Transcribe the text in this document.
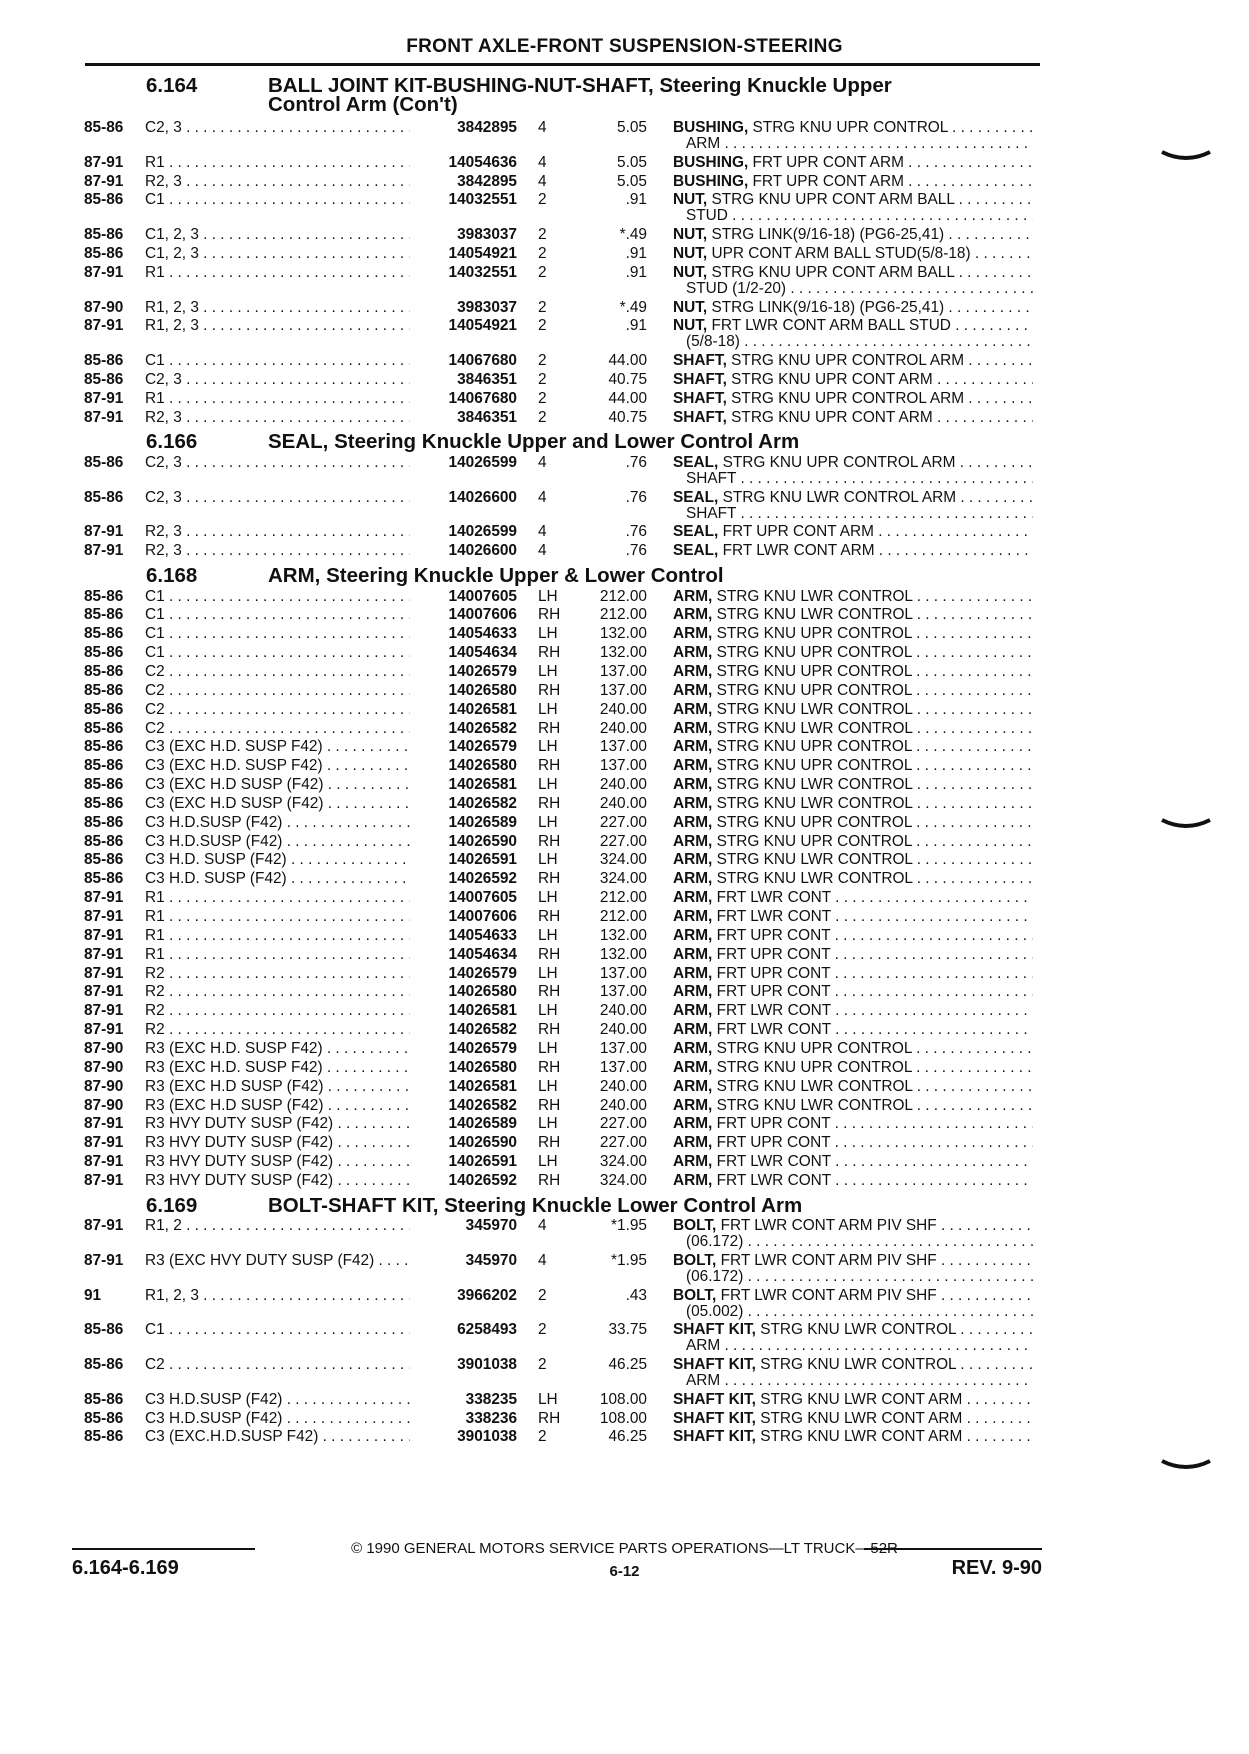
FRONT AXLE-FRONT SUSPENSION-STEERING
6.164	BALL JOINT KIT-BUSHING-NUT-SHAFT, Steering Knuckle Upper
Control Arm (Con't)
85-86	C2, 3 . . .	3842895 4	5.05 BUSHING, STRG KNU UPR CONTROL . . .
ARM . . .
87-91	R1 . . .	14054636 4	5.05 BUSHING, FRT UPR CONT ARM . . .
87-91	R2, 3 . . .	3842895 4	5.05 BUSHING, FRT UPR CONT ARM . . .
85-86	C1 . . .	14032551 2	.91 NUT, STRG KNU UPR CONT ARM BALL . . .
STUD . . .
85-86	C1, 2, 3 . . .	3983037 2	*.49 NUT, STRG LINK(9/16-18) (PG6-25,41) . . .
85-86	C1, 2, 3 . . .	14054921 2	.91 NUT, UPR CONT ARM BALL STUD(5/8-18) . . .
87-91	R1 . . .	14032551 2	.91 NUT, STRG KNU UPR CONT ARM BALL . . .
STUD (1/2-20) . . .
87-90	R1, 2, 3 . . .	3983037 2	*.49 NUT, STRG LINK(9/16-18) (PG6-25,41) . . .
87-91	R1, 2, 3 . . .	14054921 2	.91 NUT, FRT LWR CONT ARM BALL STUD . . .
(5/8-18) . . .
85-86	C1 . . .	14067680 2	44.00 SHAFT, STRG KNU UPR CONTROL ARM . . .
85-86	C2, 3 . . .	3846351 2	40.75 SHAFT, STRG KNU UPR CONT ARM . . .
87-91	R1 . . .	14067680 2	44.00 SHAFT, STRG KNU UPR CONTROL ARM . . .
87-91	R2, 3 . . .	3846351 2	40.75 SHAFT, STRG KNU UPR CONT ARM . . .
6.166	SEAL, Steering Knuckle Upper and Lower Control Arm
85-86	C2, 3 . . .	14026599 4	.76 SEAL, STRG KNU UPR CONTROL ARM . . .
SHAFT . . .
85-86	C2, 3 . . .	14026600 4	.76 SEAL, STRG KNU LWR CONTROL ARM . . .
SHAFT . . .
87-91	R2, 3 . . .	14026599 4	.76 SEAL, FRT UPR CONT ARM . . .
87-91	R2, 3 . . .	14026600 4	.76 SEAL, FRT LWR CONT ARM . . .
6.168	ARM, Steering Knuckle Upper & Lower Control
85-86	C1 . . .	14007605 LH	212.00 ARM, STRG KNU LWR CONTROL . . .
85-86	C1 . . .	14007606 RH	212.00 ARM, STRG KNU LWR CONTROL . . .
85-86	C1 . . .	14054633 LH	132.00 ARM, STRG KNU UPR CONTROL . . .
85-86	C1 . . .	14054634 RH	132.00 ARM, STRG KNU UPR CONTROL . . .
85-86	C2 . . .	14026579 LH	137.00 ARM, STRG KNU UPR CONTROL . . .
85-86	C2 . . .	14026580 RH	137.00 ARM, STRG KNU UPR CONTROL . . .
85-86	C2 . . .	14026581 LH	240.00 ARM, STRG KNU LWR CONTROL . . .
85-86	C2 . . .	14026582 RH	240.00 ARM, STRG KNU LWR CONTROL . . .
85-86	C3 (EXC H.D. SUSP F42) . . .	14026579 LH	137.00 ARM, STRG KNU UPR CONTROL . . .
85-86	C3 (EXC H.D. SUSP F42) . . .	14026580 RH	137.00 ARM, STRG KNU UPR CONTROL . . .
85-86	C3 (EXC H.D SUSP (F42) . . .	14026581 LH	240.00 ARM, STRG KNU LWR CONTROL . . .
85-86	C3 (EXC H.D SUSP (F42) . . .	14026582 RH	240.00 ARM, STRG KNU LWR CONTROL . . .
85-86	C3 H.D.SUSP (F42) . . .	14026589 LH	227.00 ARM, STRG KNU UPR CONTROL . . .
85-86	C3 H.D.SUSP (F42) . . .	14026590 RH	227.00 ARM, STRG KNU UPR CONTROL . . .
85-86	C3 H.D. SUSP (F42) . . .	14026591 LH	324.00 ARM, STRG KNU LWR CONTROL . . .
85-86	C3 H.D. SUSP (F42) . . .	14026592 RH	324.00 ARM, STRG KNU LWR CONTROL . . .
87-91	R1 . . .	14007605 LH	212.00 ARM, FRT LWR CONT . . .
87-91	R1 . . .	14007606 RH	212.00 ARM, FRT LWR CONT . . .
87-91	R1 . . .	14054633 LH	132.00 ARM, FRT UPR CONT . . .
87-91	R1 . . .	14054634 RH	132.00 ARM, FRT UPR CONT . . .
87-91	R2 . . .	14026579 LH	137.00 ARM, FRT UPR CONT . . .
87-91	R2 . . .	14026580 RH	137.00 ARM, FRT UPR CONT . . .
87-91	R2 . . .	14026581 LH	240.00 ARM, FRT LWR CONT . . .
87-91	R2 . . .	14026582 RH	240.00 ARM, FRT LWR CONT . . .
87-90	R3 (EXC H.D. SUSP F42) . . .	14026579 LH	137.00 ARM, STRG KNU UPR CONTROL . . .
87-90	R3 (EXC H.D. SUSP F42) . . .	14026580 RH	137.00 ARM, STRG KNU UPR CONTROL . . .
87-90	R3 (EXC H.D SUSP (F42) . . .	14026581 LH	240.00 ARM, STRG KNU LWR CONTROL . . .
87-90	R3 (EXC H.D SUSP (F42) . . .	14026582 RH	240.00 ARM, STRG KNU LWR CONTROL . . .
87-91	R3 HVY DUTY SUSP (F42) . . .	14026589 LH	227.00 ARM, FRT UPR CONT . . .
87-91	R3 HVY DUTY SUSP (F42) . . .	14026590 RH	227.00 ARM, FRT UPR CONT . . .
87-91	R3 HVY DUTY SUSP (F42) . . .	14026591 LH	324.00 ARM, FRT LWR CONT . . .
87-91	R3 HVY DUTY SUSP (F42) . . .	14026592 RH	324.00 ARM, FRT LWR CONT . . .
6.169	BOLT-SHAFT KIT, Steering Knuckle Lower Control Arm
87-91	R1, 2 . . .	345970 4	*1.95 BOLT, FRT LWR CONT ARM PIV SHF . . .
(06.172) . . .
87-91	R3 (EXC HVY DUTY SUSP (F42) . . .	345970 4	*1.95 BOLT, FRT LWR CONT ARM PIV SHF . . .
(06.172) . . .
91	R1, 2, 3 . . .	3966202 2	.43 BOLT, FRT LWR CONT ARM PIV SHF . . .
(05.002) . . .
85-86	C1 . . .	6258493 2	33.75 SHAFT KIT, STRG KNU LWR CONTROL . . .
ARM . . .
85-86	C2 . . .	3901038 2	46.25 SHAFT KIT, STRG KNU LWR CONTROL . . .
ARM . . .
85-86	C3 H.D.SUSP (F42) . . .	338235 LH	108.00 SHAFT KIT, STRG KNU LWR CONT ARM . . .
85-86	C3 H.D.SUSP (F42) . . .	338236 RH	108.00 SHAFT KIT, STRG KNU LWR CONT ARM . . .
85-86	C3 (EXC.H.D.SUSP F42) . . .	3901038 2	46.25 SHAFT KIT, STRG KNU LWR CONT ARM . . .
© 1990 GENERAL MOTORS SERVICE PARTS OPERATIONS—LT TRUCK—52R
6.164-6.169	6-12	REV. 9-90
